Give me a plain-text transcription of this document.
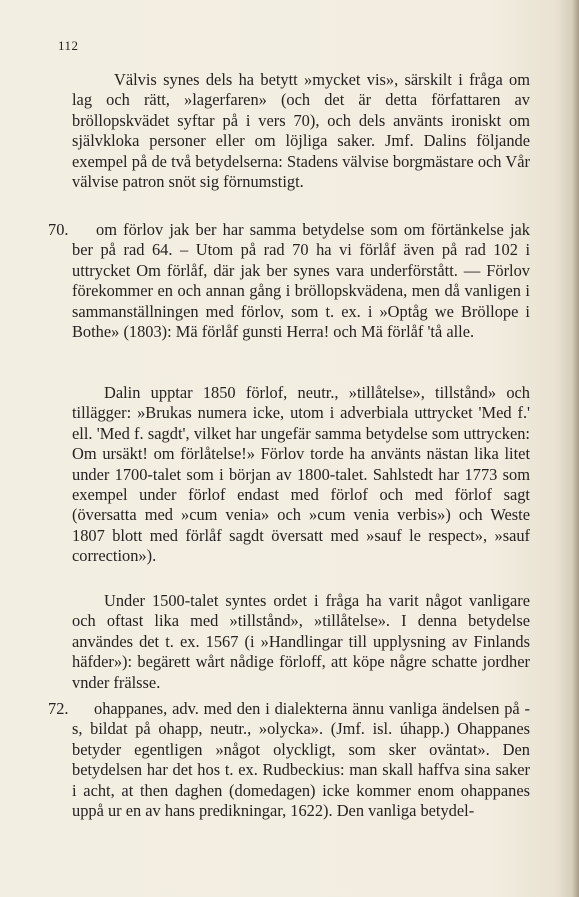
112

Välvis synes dels ha betytt »mycket vis», särskilt i fråga om lag och rätt, »lagerfaren» (och det är detta författaren av bröllopskvädet syftar på i vers 70), och dels använts ironiskt om självkloka personer eller om löjliga saker. Jmf. Dalins följande exempel på de två betydelserna: Stadens välvise borgmästare och Vår välvise patron snöt sig förnumstigt.

70.	om förlov jak ber har samma betydelse som om förtänkelse jak ber på rad 64. – Utom på rad 70 ha vi förlåf även på rad 102 i uttrycket Om förlåf, där jak ber synes vara underförstått. — Förlov förekommer en och annan gång i bröllopskvädena, men då vanligen i sammanställningen med förlov, som t. ex. i »Optåg we Bröllope i Bothe» (1803): Mä förlåf gunsti Herra! och Mä förlåf 'tå alle.

Dalin upptar 1850 förlof, neutr., »tillåtelse», tillstånd» och tillägger: »Brukas numera icke, utom i adverbiala uttrycket 'Med f.' ell. 'Med f. sagdt', vilket har ungefär samma betydelse som uttrycken: Om ursäkt! om förlåtelse!» Förlov torde ha använts nästan lika litet under 1700-talet som i början av 1800-talet. Sahlstedt har 1773 som exempel under förlof endast med förlof och med förlof sagt (översatta med »cum venia» och »cum venia verbis») och Weste 1807 blott med förlåf sagdt översatt med »sauf le respect», »sauf correction»).

Under 1500-talet syntes ordet i fråga ha varit något vanligare och oftast lika med »tillstånd», »tillåtelse». I denna betydelse användes det t. ex. 1567 (i »Handlingar till upplysning av Finlands häfder»): begärett wårt nådige förloff, att köpe någre schatte jordher vnder frälsse.

72.	ohappanes, adv. med den i dialekterna ännu vanliga ändelsen på -s, bildat på ohapp, neutr., »olycka». (Jmf. isl. úhapp.) Ohappanes betyder egentligen »något olyckligt, som sker oväntat». Den betydelsen har det hos t. ex. Rudbeckius: man skall haffva sina saker i acht, at then daghen (domedagen) icke kommer enom ohappanes uppå ur en av hans predikningar, 1622). Den vanliga betydel-
